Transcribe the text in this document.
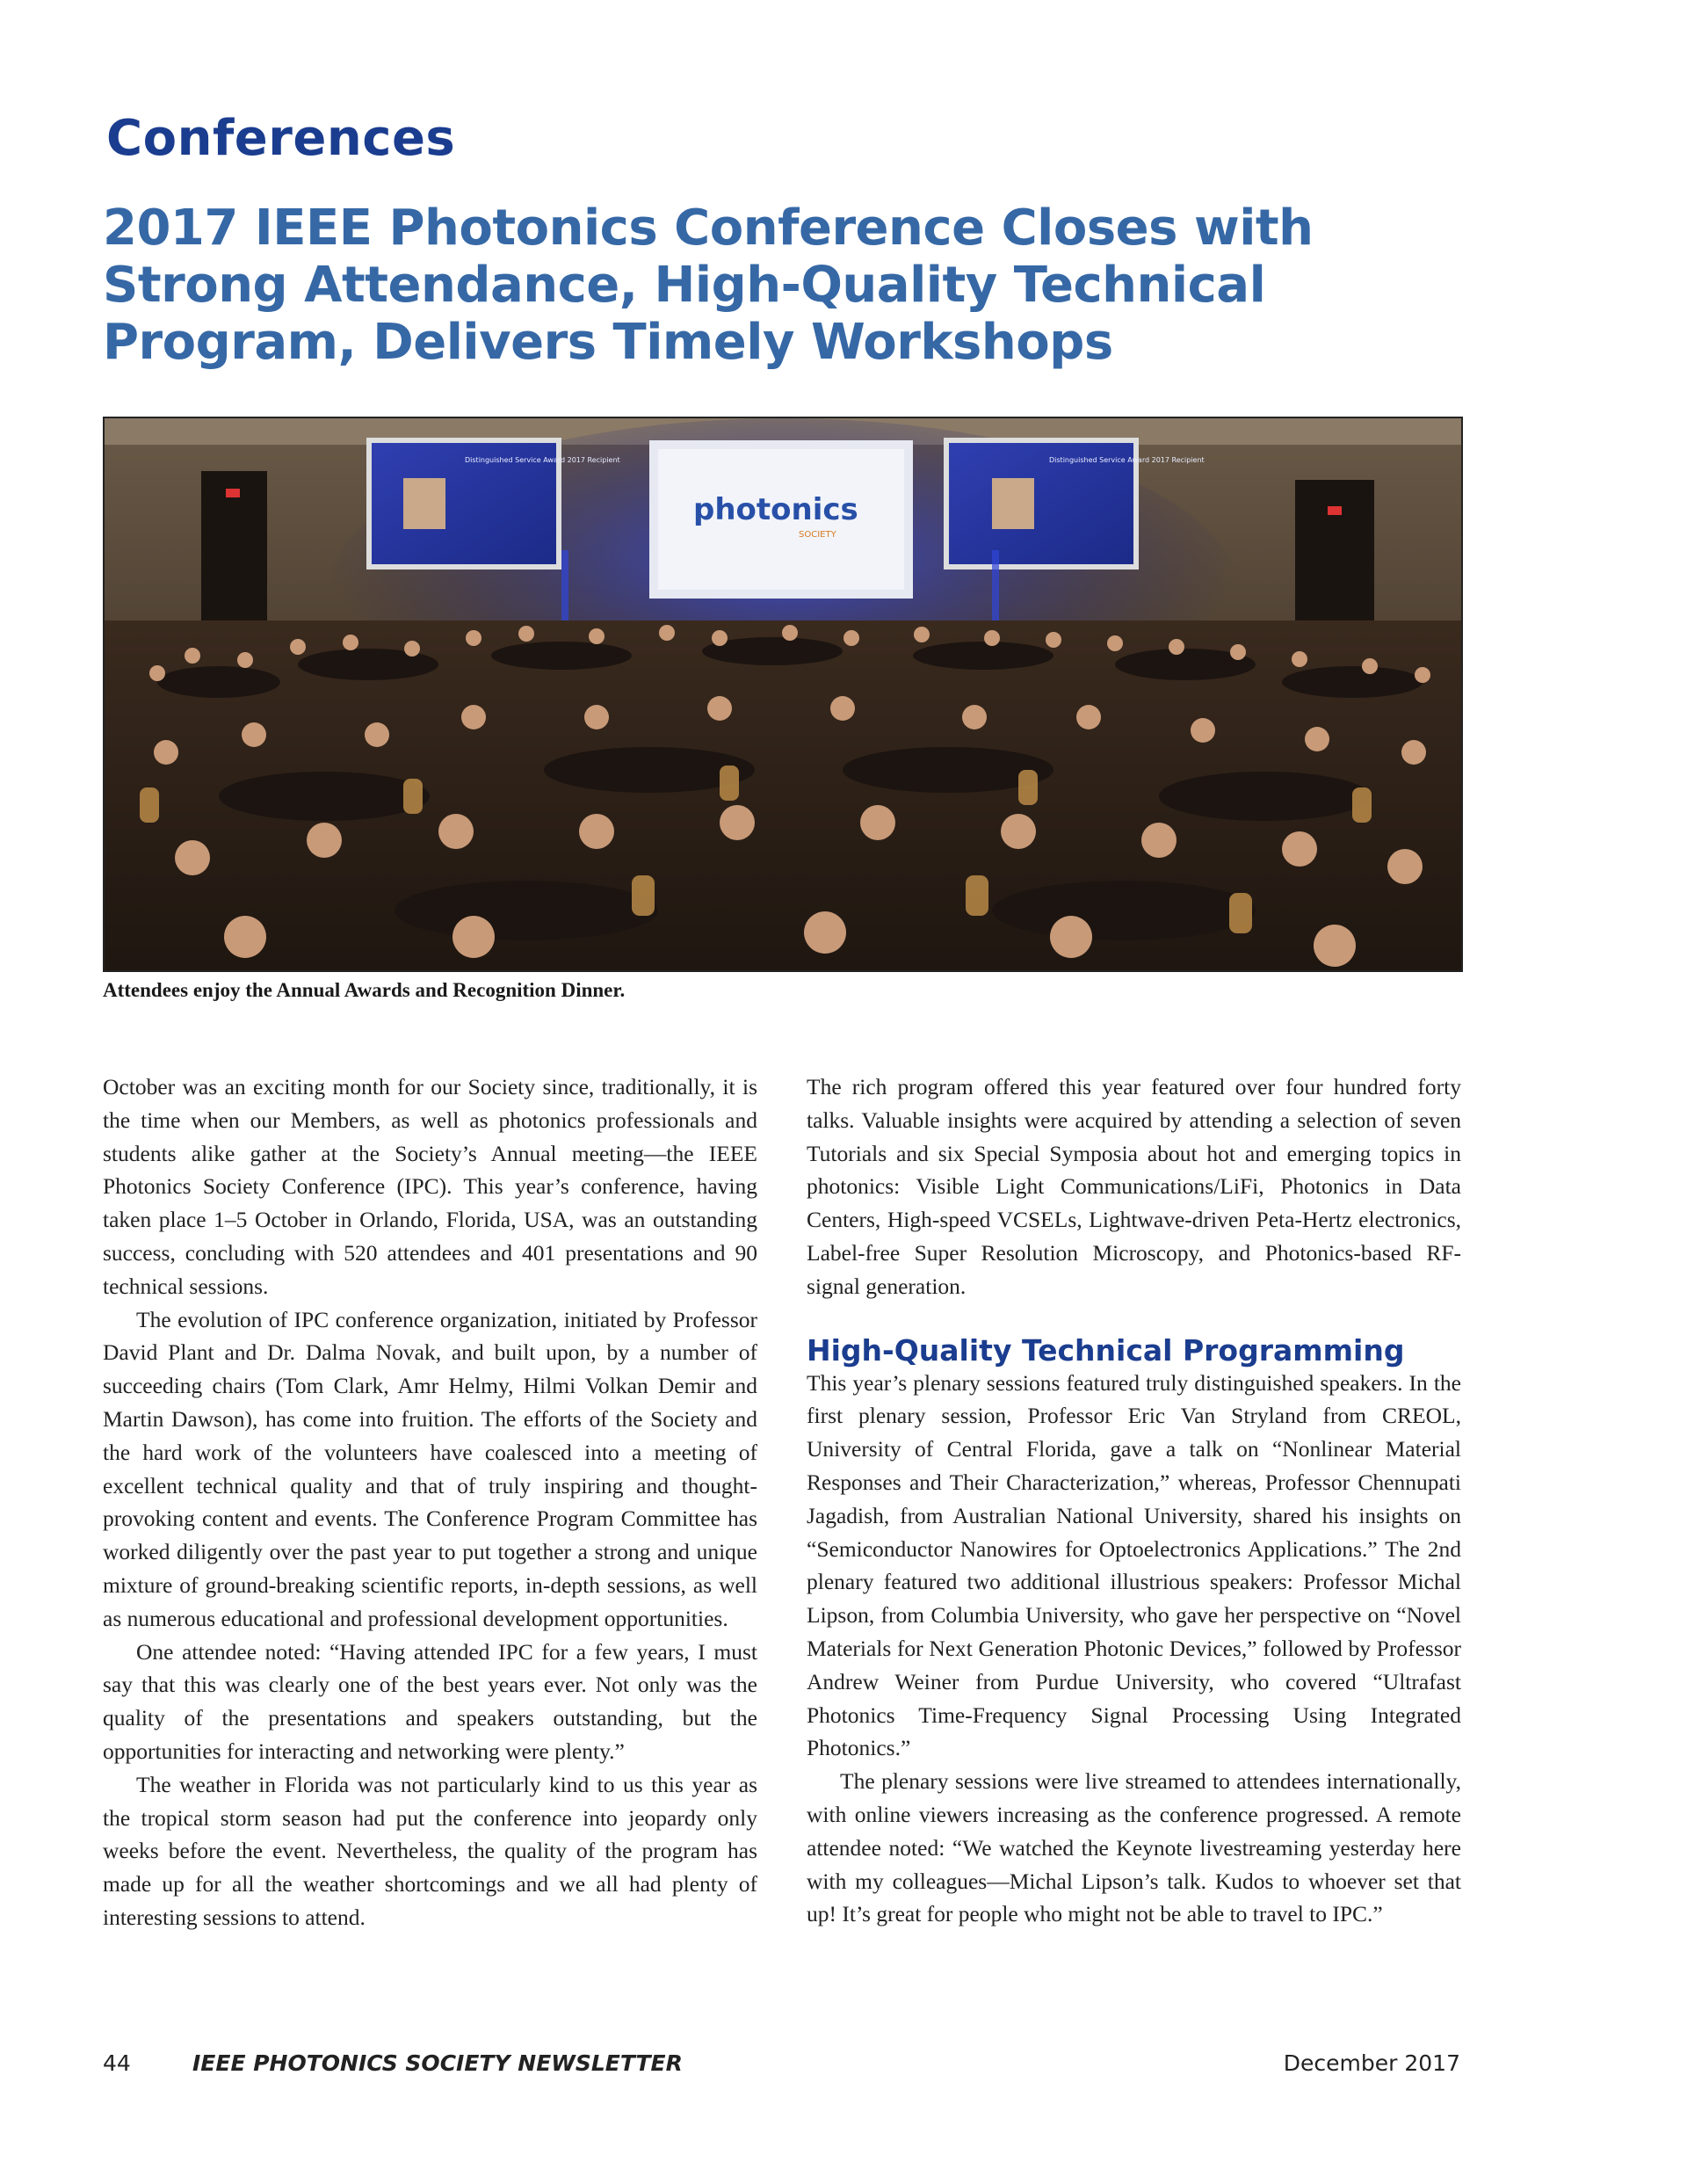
Conferences
2017 IEEE Photonics Conference Closes with Strong Attendance, High-Quality Technical Program, Delivers Timely Workshops
Distinguished Service Award 2017 Recipient
photonics
SOCIETY
Distinguished Service Award 2017 Recipient

Attendees enjoy the Annual Awards and Recognition Dinner.

October was an exciting month for our Society since, traditionally, it is the time when our Members, as well as photonics professionals and students alike gather at the Society’s Annual meeting—the IEEE Photonics Society Conference (IPC). This year’s conference, having taken place 1–5 October in Orlando, Florida, USA, was an outstanding success, concluding with 520 attendees and 401 presentations and 90 technical sessions.

The evolution of IPC conference organization, initiated by Professor David Plant and Dr. Dalma Novak, and built upon, by a number of succeeding chairs (Tom Clark, Amr Helmy, Hilmi Volkan Demir and Martin Dawson), has come into fruition. The efforts of the Society and the hard work of the volunteers have coalesced into a meeting of excellent technical quality and that of truly inspiring and thought-provoking content and events. The Conference Program Committee has worked diligently over the past year to put together a strong and unique mixture of ground-breaking scientific reports, in-depth sessions, as well as numerous educational and professional development opportunities.

One attendee noted: “Having attended IPC for a few years, I must say that this was clearly one of the best years ever. Not only was the quality of the presentations and speakers outstanding, but the opportunities for interacting and networking were plenty.”

The weather in Florida was not particularly kind to us this year as the tropical storm season had put the conference into jeopardy only weeks before the event. Nevertheless, the quality of the program has made up for all the weather shortcomings and we all had plenty of interesting sessions to attend.

The rich program offered this year featured over four hundred forty talks. Valuable insights were acquired by attending a selection of seven Tutorials and six Special Symposia about hot and emerging topics in photonics: Visible Light Communications/LiFi, Photonics in Data Centers, High-speed VCSELs, Lightwave-driven Peta-Hertz electronics, Label-free Super Resolution Microscopy, and Photonics-based RF-signal generation.

High-Quality Technical Programming

This year’s plenary sessions featured truly distinguished speakers. In the first plenary session, Professor Eric Van Stryland from CREOL, University of Central Florida, gave a talk on “Nonlinear Material Responses and Their Characterization,” whereas, Professor Chennupati Jagadish, from Australian National University, shared his insights on “Semiconductor Nanowires for Optoelectronics Applications.” The 2nd plenary featured two additional illustrious speakers: Professor Michal Lipson, from Columbia University, who gave her perspective on “Novel Materials for Next Generation Photonic Devices,” followed by Professor Andrew Weiner from Purdue University, who covered “Ultrafast Photonics Time-Frequency Signal Processing Using Integrated Photonics.”

The plenary sessions were live streamed to attendees internationally, with online viewers increasing as the conference progressed. A remote attendee noted: “We watched the Keynote livestreaming yesterday here with my colleagues—Michal Lipson’s talk. Kudos to whoever set that up! It’s great for people who might not be able to travel to IPC.”

44	IEEE PHOTONICS SOCIETY NEWSLETTER	December 2017
